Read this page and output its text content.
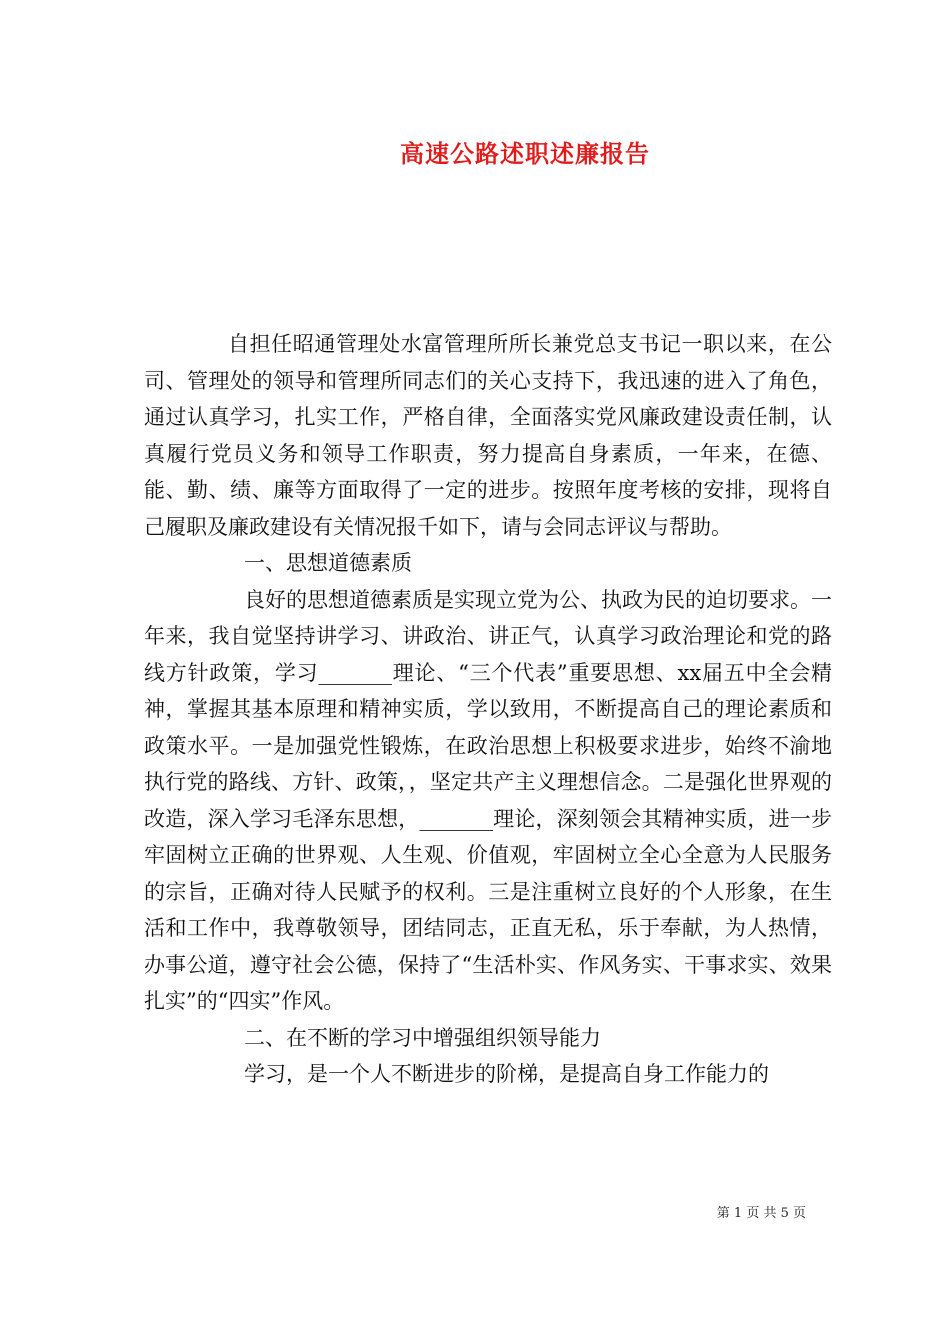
高速公路述职述廉报告

自担任昭通管理处水富管理所所长兼党总支书记一职以来，在公司、管理处的领导和管理所同志们的关心支持下，我迅速的进入了角色，通过认真学习，扎实工作，严格自律，全面落实党风廉政建设责任制，认真履行党员义务和领导工作职责，努力提高自身素质，一年来，在德、能、勤、绩、廉等方面取得了一定的进步。按照年度考核的安排，现将自己履职及廉政建设有关情况报千如下，请与会同志评议与帮助。

一、思想道德素质

良好的思想道德素质是实现立党为公、执政为民的迫切要求。一年来，我自觉坚持讲学习、讲政治、讲正气，认真学习政治理论和党的路线方针政策，学习_______理论、“三个代表”重要思想、xx届五中全会精神，掌握其基本原理和精神实质，学以致用，不断提高自己的理论素质和政策水平。一是加强党性锻炼，在政治思想上积极要求进步，始终不渝地执行党的路线、方针、政策，，坚定共产主义理想信念。二是强化世界观的改造，深入学习毛泽东思想，_______理论，深刻领会其精神实质，进一步牢固树立正确的世界观、人生观、价值观，牢固树立全心全意为人民服务的宗旨，正确对待人民赋予的权利。三是注重树立良好的个人形象，在生活和工作中，我尊敬领导，团结同志，正直无私，乐于奉献，为人热情，办事公道，遵守社会公德，保持了“生活朴实、作风务实、干事求实、效果扎实”的“四实”作风。

二、在不断的学习中增强组织领导能力

学习，是一个人不断进步的阶梯，是提高自身工作能力的

第 1 页 共 5 页
